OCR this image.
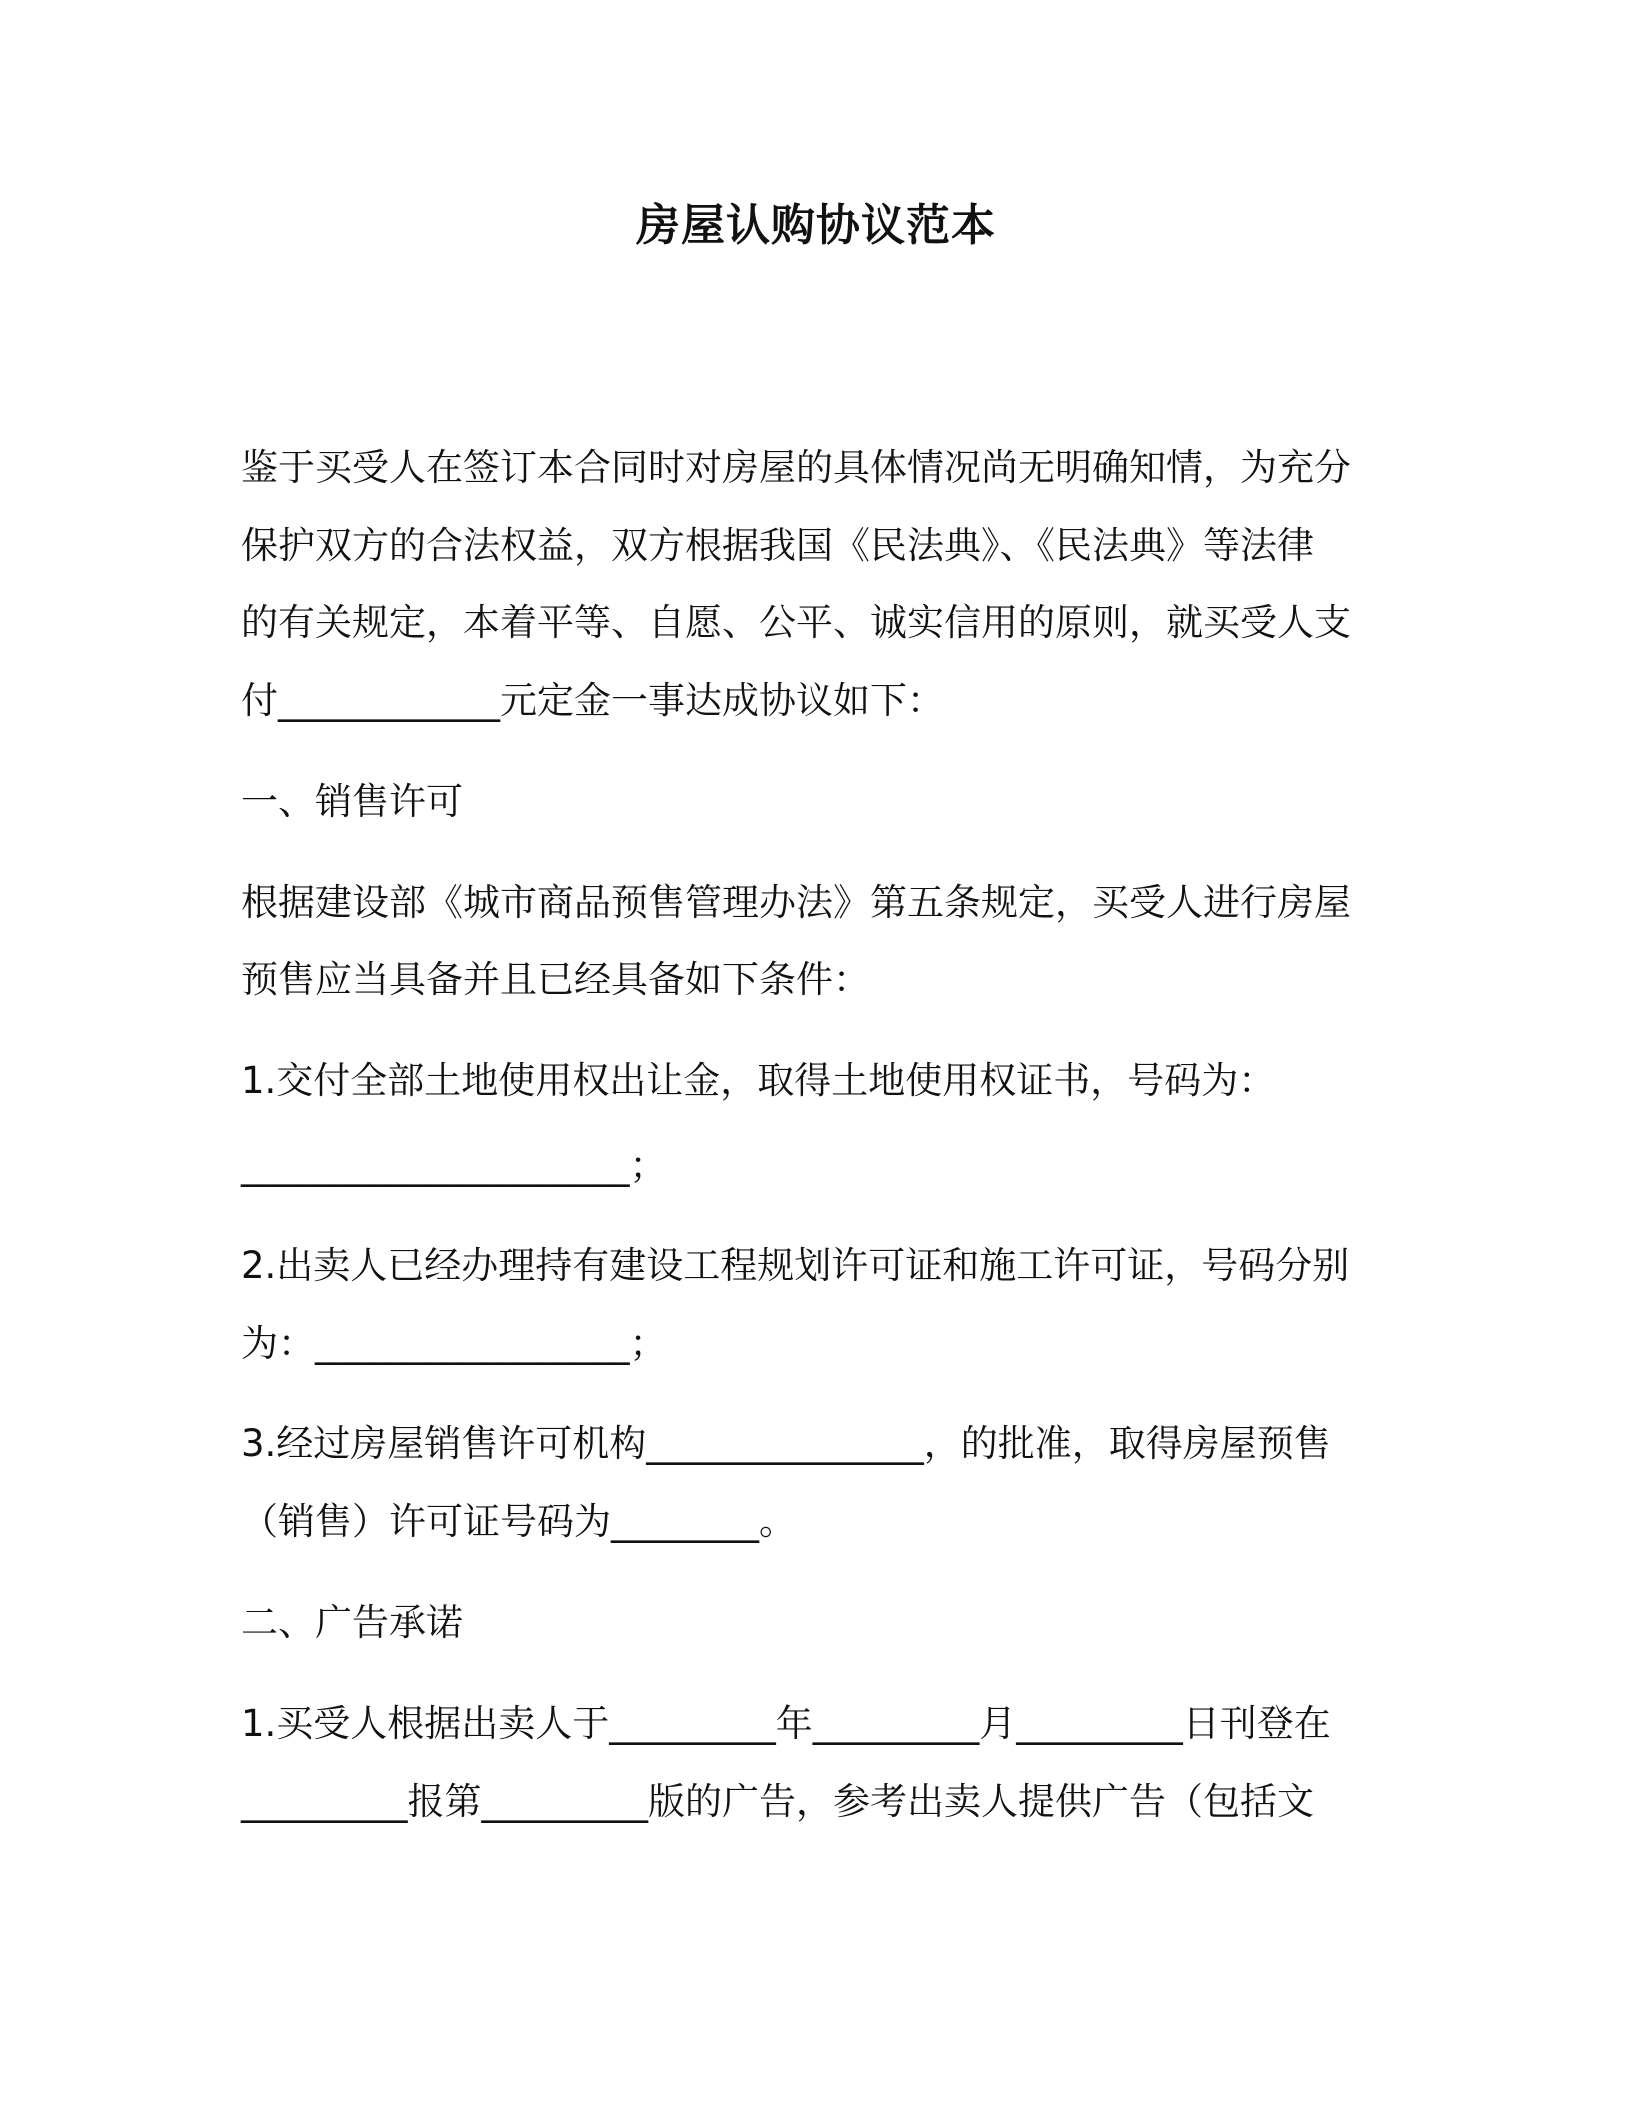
房屋认购协议范本
鉴于买受人在签订本合同时对房屋的具体情况尚无明确知情，为充分
保护双方的合法权益，双方根据我国《民法典》、《民法典》等法律
的有关规定，本着平等、自愿、公平、诚实信用的原则，就买受人支
付____________元定金一事达成协议如下：
一、销售许可
根据建设部《城市商品预售管理办法》第五条规定，买受人进行房屋
预售应当具备并且已经具备如下条件：
1.交付全部土地使用权出让金，取得土地使用权证书，号码为：
_____________________；
2.出卖人已经办理持有建设工程规划许可证和施工许可证，号码分别
为：_________________；
3.经过房屋销售许可机构_______________，的批准，取得房屋预售
（销售）许可证号码为________。
二、广告承诺
1.买受人根据出卖人于_________年_________月_________日刊登在
_________报第_________版的广告，参考出卖人提供广告（包括文
